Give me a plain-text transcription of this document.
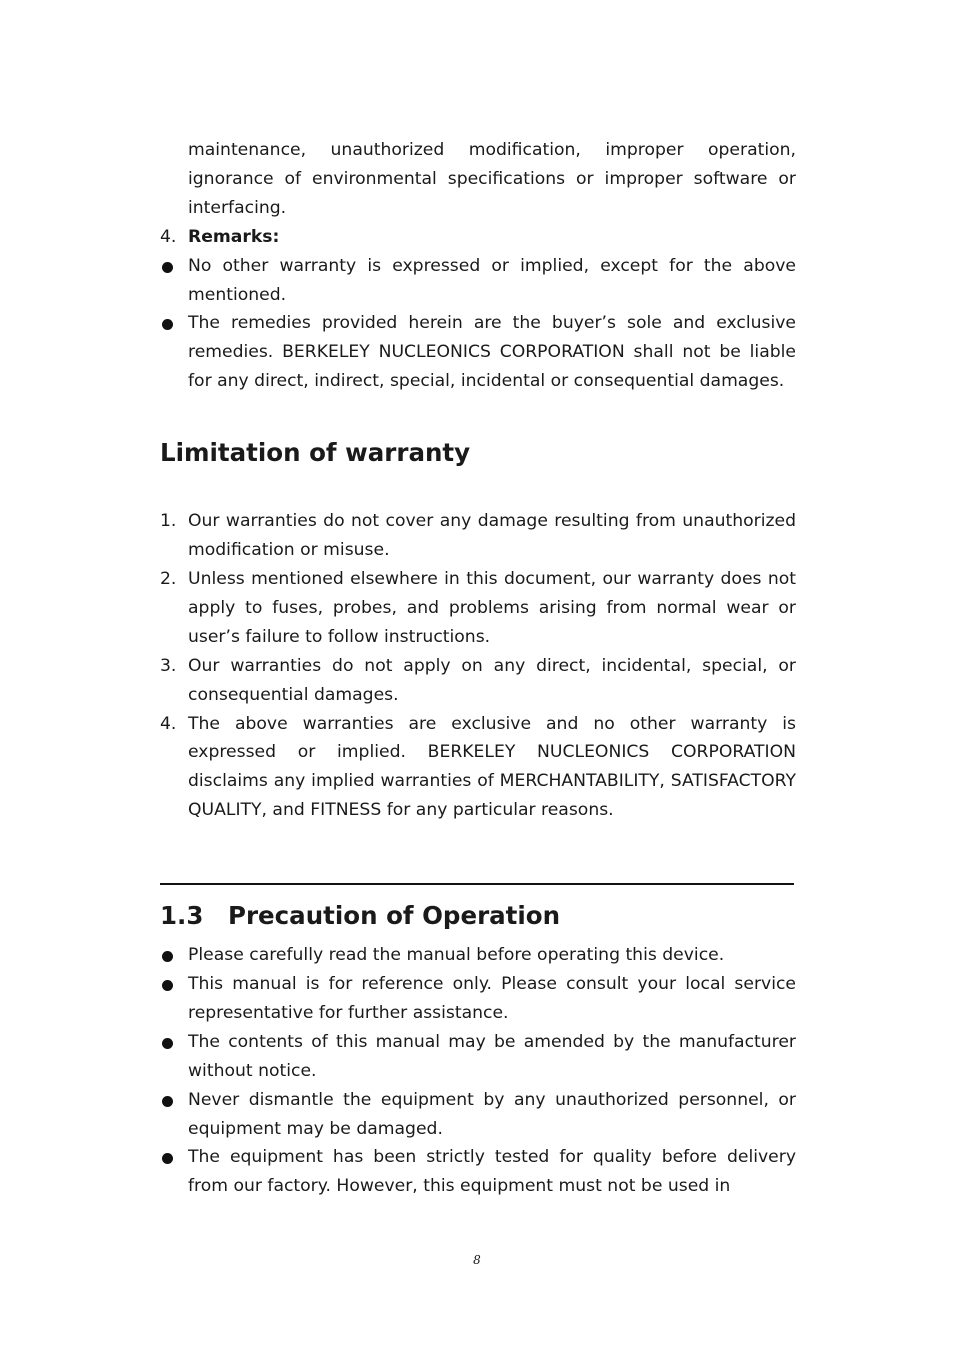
maintenance, unauthorized modification, improper operation, ignorance of environmental specifications or improper software or interfacing.
4. Remarks:
No other warranty is expressed or implied, except for the above mentioned.
The remedies provided herein are the buyer’s sole and exclusive remedies. BERKELEY NUCLEONICS CORPORATION shall not be liable for any direct, indirect, special, incidental or consequential damages.
Limitation of warranty
1. Our warranties do not cover any damage resulting from unauthorized modification or misuse.
2. Unless mentioned elsewhere in this document, our warranty does not apply to fuses, probes, and problems arising from normal wear or user’s failure to follow instructions.
3. Our warranties do not apply on any direct, incidental, special, or consequential damages.
4. The above warranties are exclusive and no other warranty is expressed or implied. BERKELEY NUCLEONICS CORPORATION disclaims any implied warranties of MERCHANTABILITY, SATISFACTORY QUALITY, and FITNESS for any particular reasons.
1.3	Precaution of Operation
Please carefully read the manual before operating this device.
This manual is for reference only. Please consult your local service representative for further assistance.
The contents of this manual may be amended by the manufacturer without notice.
Never dismantle the equipment by any unauthorized personnel, or equipment may be damaged.
The equipment has been strictly tested for quality before delivery from our factory. However, this equipment must not be used in
8
